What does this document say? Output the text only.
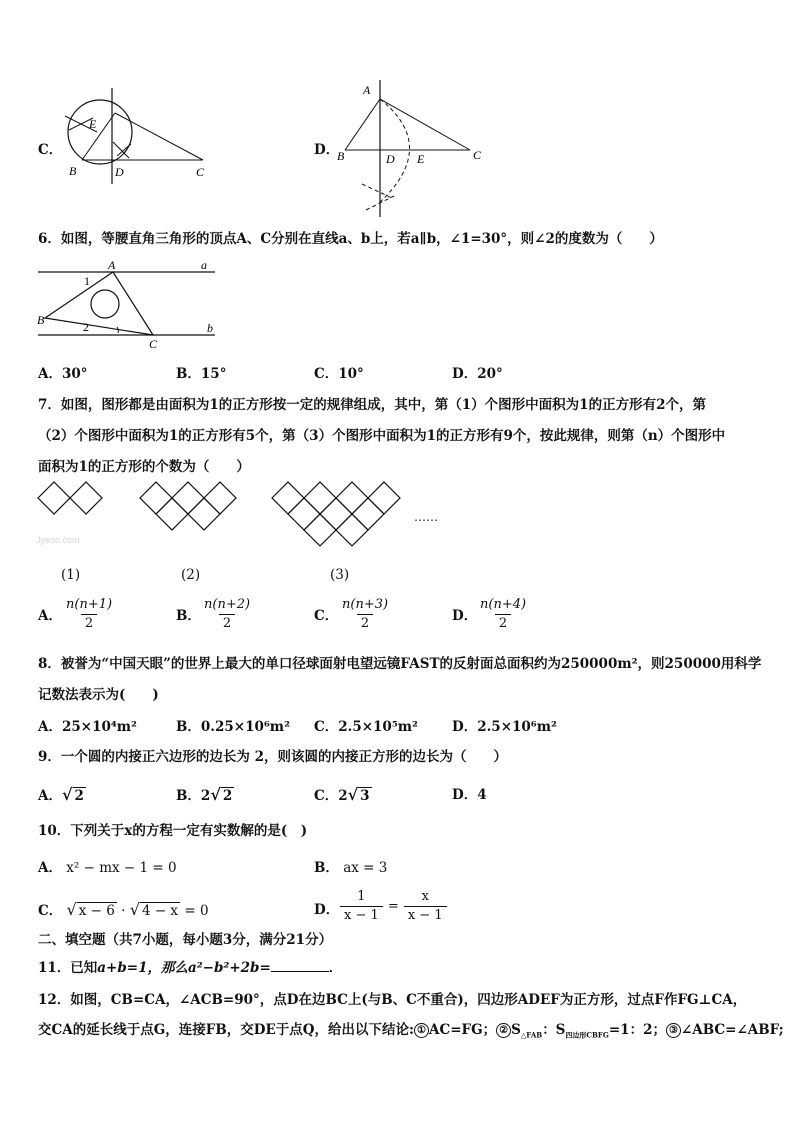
C．
E
B	D	C
D．
A
B	D E	C
6．如图，等腰直角三角形的顶点A、C分别在直线a、b上，若a∥b，∠1=30°，则∠2的度数为（　　）
A	a
1
B	2	b
C
A．30°	B．15°	C．10°	D．20°
7．如图，图形都是由面积为1的正方形按一定的规律组成，其中，第（1）个图形中面积为1的正方形有2个，第
（2）个图形中面积为1的正方形有5个，第（3）个图形中面积为1的正方形有9个，按此规律，则第（n）个图形中
面积为1的正方形的个数为（　　）
……
Jyeoo.com
(1)	(2)	(3)
A． $\frac{n(n+1)}{2}$	B． $\frac{n(n+2)}{2}$	C． $\frac{n(n+3)}{2}$	D．
$\frac{n(n+4)}{2}$
8．被誉为“中国天眼”的世界上最大的单口径球面射电望远镜FAST的反射面总面积约为250000m²，则250000用科学
记数法表示为(　　)
A．25×10⁴m²	B．0.25×10⁶m² C．2.5×10⁵m²	D．2.5×10⁶m²
9．一个圆的内接正六边形的边长为 2，则该圆的内接正方形的边长为（　　）
A．√ 2	B．2√ 2	C．2√ 3	D．4
10．下列关于x的方程一定有实数解的是(　)
A． x² − mx − 1 = 0	B． ax = 3
C． √ x − 6 · √ 4 − x = 0	D． $\frac{1}{x - 1} = \frac{x}{x - 1}$
二、填空题（共7小题，每小题3分，满分21分）
11．已知a+b=1，那么a²−b²+2b=	．
12．如图，CB=CA，∠ACB=90°，点D在边BC上(与B、C不重合)，四边形ADEF为正方形，过点F作FG⊥CA，
交CA的延长线于点G，连接FB，交DE于点Q，给出以下结论: ① AC=FG； ② $S_{\triangle FAB}$：$S_{四边形CBFG}=1$：2； ③ ∠ABC=∠ABF;
